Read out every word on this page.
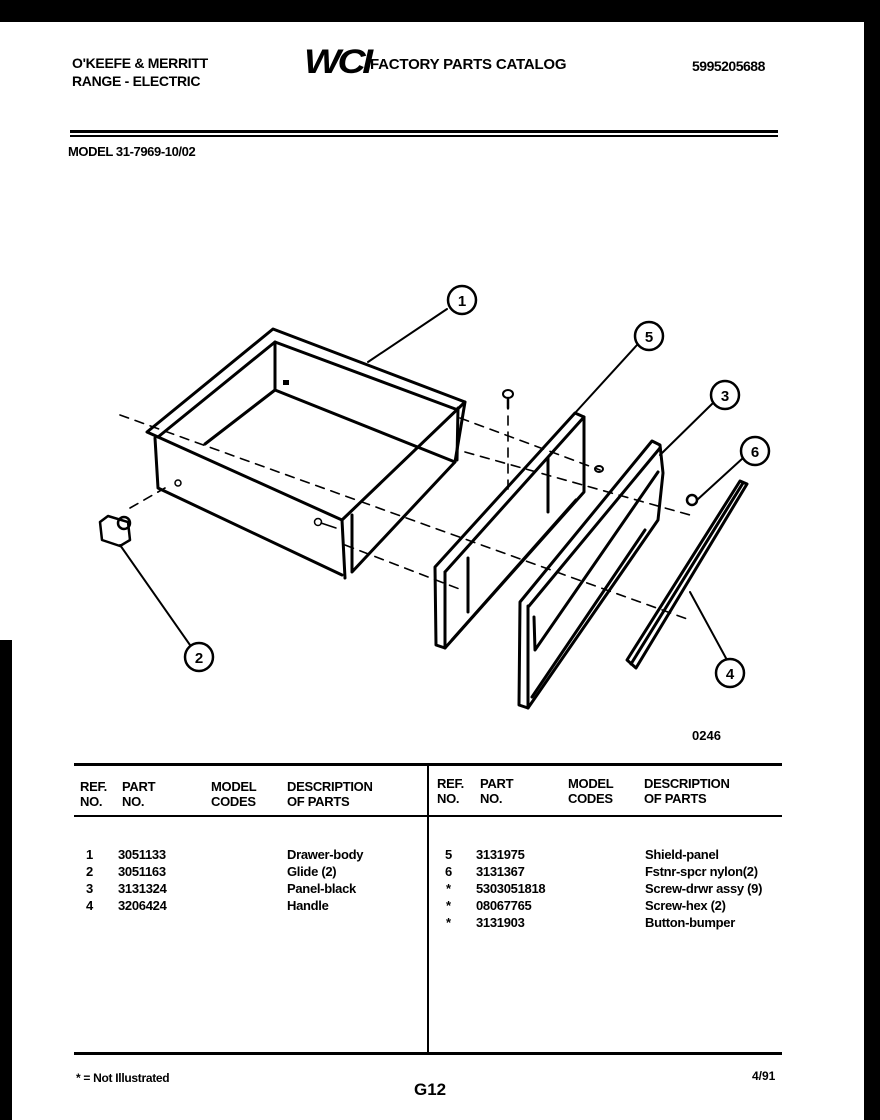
O'KEEFE & MERRITT
RANGE - ELECTRIC	WCI FACTORY PARTS CATALOG	5995205688
MODEL 31-7969-10/02
1
2
5
3
6
4
0246
REF.
NO.
PART
NO.
MODEL
CODES
DESCRIPTION
OF PARTS
REF.
NO.
PART
NO.
MODEL
CODES
DESCRIPTION
OF PARTS
1 3051133	Drawer-body
2 3051163	Glide (2)
3 3131324	Panel-black
4 3206424	Handle
5 3131975	Shield-panel
6 3131367	Fstnr-spcr nylon(2)
* 5303051818	Screw-drwr assy (9)
* 08067765	Screw-hex (2)
* 3131903	Button-bumper
* = Not Illustrated
G12
4/91
